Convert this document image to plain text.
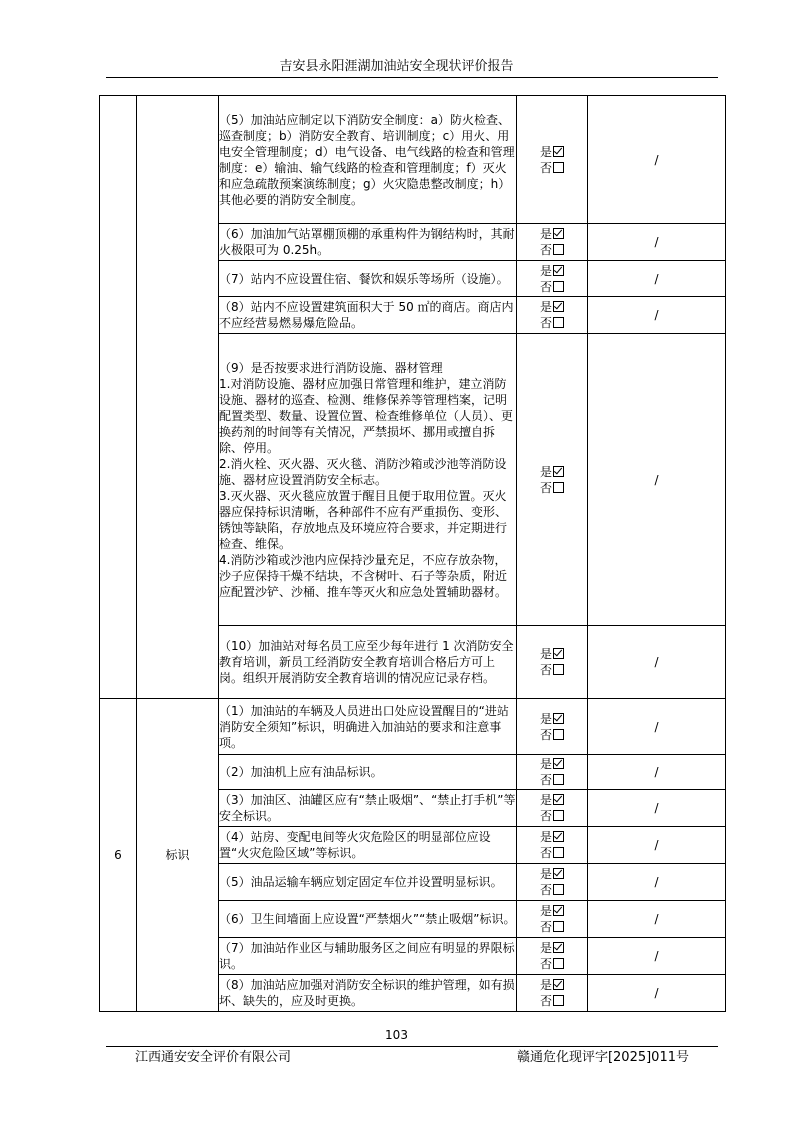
吉安县永阳涯湖加油站安全现状评价报告
		（5）加油站应制定以下消防安全制度：a）防火检查、巡查制度；b）消防安全教育、培训制度；c）用火、用电安全管理制度；d）电气设备、电气线路的检查和管理制度：e）输油、输气线路的检查和管理制度；f）灭火和应急疏散预案演练制度；g）火灾隐患整改制度；h）其他必要的消防安全制度。	是
否	/
		（6）加油加气站罩棚顶棚的承重构件为钢结构时，其耐火极限可为 0.25h。	是
否	/
		（7）站内不应设置住宿、餐饮和娱乐等场所（设施）。	是
否	/
		（8）站内不应设置建筑面积大于 50 ㎡的商店。商店内不应经营易燃易爆危险品。	是
否	/

		（9）是否按要求进行消防设施、器材管理
1.对消防设施、器材应加强日常管理和维护，建立消防设施、器材的巡查、检测、维修保养等管理档案，记明配置类型、数量、设置位置、检查维修单位（人员）、更换药剂的时间等有关情况，严禁损坏、挪用或擅自拆除、停用。
2.消火栓、灭火器、灭火毯、消防沙箱或沙池等消防设施、器材应设置消防安全标志。
3.灭火器、灭火毯应放置于醒目且便于取用位置。灭火器应保持标识清晰，各种部件不应有严重损伤、变形、锈蚀等缺陷，存放地点及环境应符合要求，并定期进行检查、维保。
4.消防沙箱或沙池内应保持沙量充足，不应存放杂物，沙子应保持干燥不结块，不含树叶、石子等杂质，附近应配置沙铲、沙桶、推车等灭火和应急处置辅助器材。	是
否	/
		（10）加油站对每名员工应至少每年进行 1 次消防安全教育培训，新员工经消防安全教育培训合格后方可上岗。组织开展消防安全教育培训的情况应记录存档。	是
否	/
6	标识	（1）加油站的车辆及人员进出口处应设置醒目的“进站消防安全须知”标识，明确进入加油站的要求和注意事项。	是
否	/
		（2）加油机上应有油品标识。	是
否	/
		（3）加油区、油罐区应有“禁止吸烟”、“禁止打手机”等安全标识。	是
否	/
		（4）站房、变配电间等火灾危险区的明显部位应设置“火灾危险区域”等标识。	是
否	/
		（5）油品运输车辆应划定固定车位并设置明显标识。	是
否	/
		（6）卫生间墙面上应设置“严禁烟火”“禁止吸烟”标识。	是
否	/
		（7）加油站作业区与辅助服务区之间应有明显的界限标识。	是
否	/
		（8）加油站应加强对消防安全标识的维护管理，如有损坏、缺失的，应及时更换。	是
否	/
103
江西通安安全评价有限公司	赣通危化现评字[2025]011号
